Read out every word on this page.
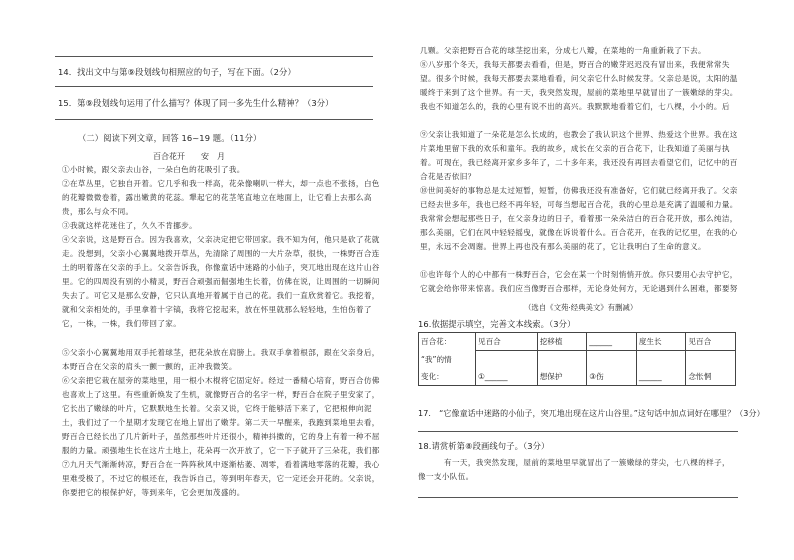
14．找出文中与第⑨段划线句相照应的句子，写在下面。（2分）
15．第⑨段划线句运用了什么描写？体现了同一多先生什么精神？（3分）
（二）阅读下列文章，回答 16~19 题。（11分）
百合花开　　安　月
①小时候，跟父亲去山谷，一朵白色的花吸引了我。
②在草丛里，它独自开着。它几乎和我一样高，花朵像喇叭一样大，却一点也不张扬，白色的花瓣微微卷着，露出嫩黄的花蕊。犟起它的花茎笔直地立在地面上，让它看上去那么高贵，那么与众不同。
③我就这样花迷住了，久久不肯挪步。
④父亲说，这是野百合。因为我喜欢，父亲决定把它带回家。我不知为何，他只是砍了花就走。没想到，父亲小心翼翼地拨开草丛，先清除了周围的一大片杂草，很快，一株野百合连土的明着落在父亲的手上。父亲告诉我，你像童话中迷路的小仙子，突兀地出现在这片山谷里。它的四周没有别的小精灵，野百合顽强而倔强地生长着，仿佛在说，让周围的一切瞬间失去了。可它又是那么安静，它只认真地开着属于自己的花。我们一直欣赏着它。我挖着，就和父亲相处的，手里拿着十字镐，我将它挖起来，放在怀里就那么轻轻地，生怕伤着了它，一株，一株，我们带回了家。
⑤父亲小心翼翼地用双手托着球茎，把花朵放在肩膀上。我双手拿着根部，跟在父亲身后，本野百合在父亲的肩头一颤一颤的，正冲我微笑。
⑥父亲把它栽在屋旁的菜地里，用一根小木棍将它固定好。经过一番精心培育，野百合仿佛也喜欢上了这里。有些重新焕发了生机，就像野百合的名字一样，野百合在院子里安家了，它长出了嫩绿的叶片，它默默地生长着。父亲又说，它终于能够活下来了，它把根伸向泥土，我们过了一个星期才发现它在地上冒出了嫩芽。第二天一早醒来，我跑到菜地里去看，野百合已经长出了几片新叶子，虽然那些叶片还很小，精神抖擞的，它的身上有着一种不屈服的力量。顽强地生长在这片土地上，花朵再一次开放了，它一下子就开了三朵花，我们都
⑦九月天气渐渐转凉，野百合在一阵阵秋风中逐渐枯萎、凋零，看着满地零落的花瓣，我心里难受极了，不过它的根还在，我告诉自己，等到明年春天，它一定还会开花的。父亲说，你要把它的根保护好，等到来年，它会更加茂盛的。
几颗。父亲把野百合花的球茎挖出来，分成七八瓣，在菜地的一角重新栽了下去。
⑧八岁那个冬天，我每天都要去看看，但是，野百合的嫩芽迟迟没有冒出来，我便常常失望。很多个时候，我每天都要去菜地看看，问父亲它什么时候发芽。父亲总是说，太阳的温暖终于来到了这个世界。有一天，我突然发现，屋前的菜地里早就冒出了一簇嫩绿的芽尖。我也不知道怎么的，我的心里有说不出的高兴。我默默地看着它们，七八棵，小小的。后
⑨父亲让我知道了一朵花是怎么长成的，也教会了我认识这个世界、热爱这个世界。我在这片菜地里留下我的欢乐和童年。我的故乡，成长在父亲的百合花下，让我知道了美丽与执着。可现在，我已经离开家乡多年了，二十多年来，我还没有再回去看望它们，记忆中的百合花是否依旧？
⑩世间美好的事物总是太过短暂，短暂，仿佛我还没有准备好，它们就已经离开我了。父亲已经去世多年，我也已经不再年轻，可每当想起百合花，我的心里总是充满了温暖和力量。我常常会想起那些日子，在父亲身边的日子，看着那一朵朵洁白的百合花开放，那么纯洁，那么美丽，它们在风中轻轻摇曳，就像在诉说着什么。百合花开，在我的记忆里，在我的心里，永远不会凋谢。世界上再也没有那么美丽的花了，它让我明白了生命的意义。
⑪也许每个人的心中都有一株野百合，它会在某一个时刻悄悄开放。你只要用心去守护它，它就会给你带来惊喜。我们应当像野百合那样，无论身处何方，无论遇到什么困难，都要努
（选自《文苑·经典美文》有删减）
16.依据提示填空，完善文本线索。（3分）
百合花：	见百合	挖移植	______	度生长	见百合
“我”的情					
变化：	①______	想保护	③伤	______	念怅惘
17.　“它像童话中迷路的小仙子，突兀地出现在这片山谷里。”这句话中加点词好在哪里？（3分）
18.请赏析第⑧段画线句子。（3分）
有一天，我突然发现，屋前的菜地里早就冒出了一簇嫩绿的芽尖，七八棵的样子，像一支小队伍。
